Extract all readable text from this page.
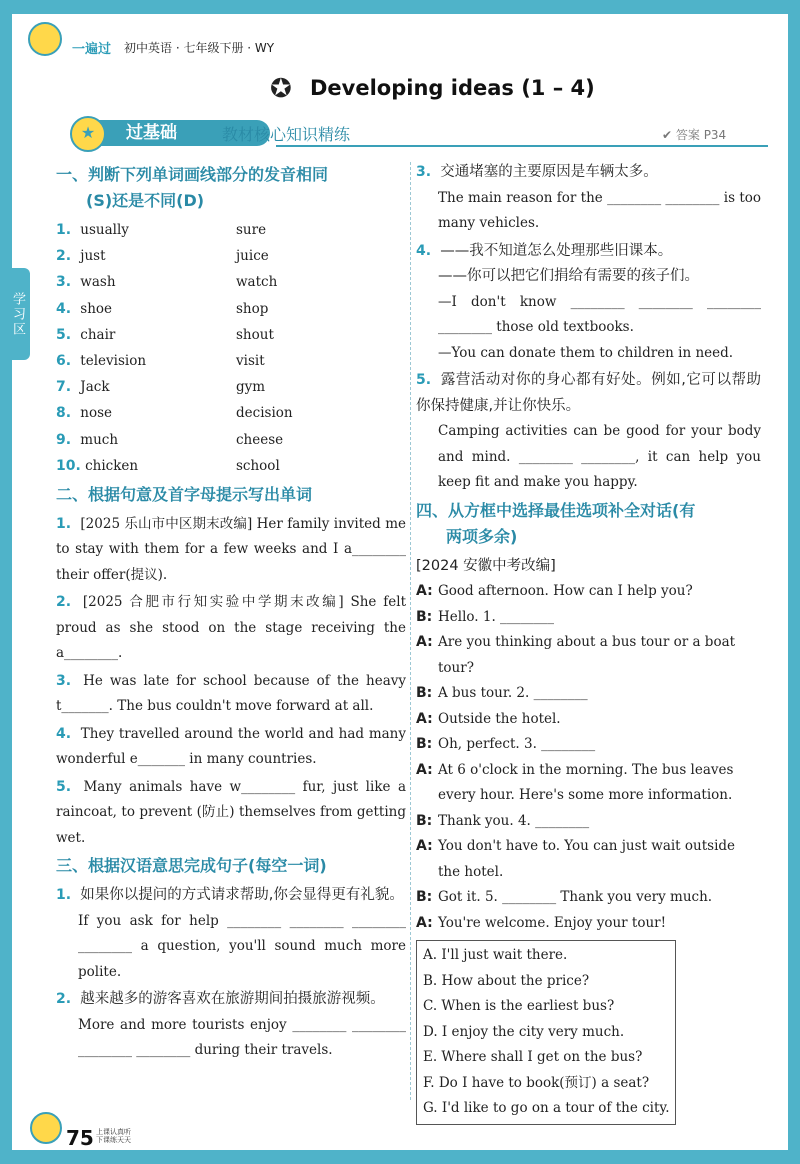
学习区
一遍过 初中英语 · 七年级下册 · WY
✪ Developing ideas (1 – 4)
过基础
★	教材核心知识精练	✔ 答案 P34
一、判断下列单词画线部分的发音相同
(S)还是不同(D)
1. usually	sure
2. just	juice
3. wash	watch
4. shoe	shop
5. chair	shout
6. television	visit
7. Jack	gym
8. nose	decision
9. much	cheese
10. chicken	school
二、根据句意及首字母提示写出单词
1. [2025 乐山市中区期末改编] Her family invited me to stay with them for a few weeks and I a________ their offer(提议).
2. [2025 合肥市行知实验中学期末改编] She felt proud as she stood on the stage receiving the a________.
3. He was late for school because of the heavy t_______. The bus couldn't move forward at all.
4. They travelled around the world and had many wonderful e_______ in many countries.
5. Many animals have w________ fur, just like a raincoat, to prevent (防止) themselves from getting wet.
三、根据汉语意思完成句子(每空一词)
1. 如果你以提问的方式请求帮助,你会显得更有礼貌。
If you ask for help ________ ________ ________ ________ a question, you'll sound much more polite.
2. 越来越多的游客喜欢在旅游期间拍摄旅游视频。
More and more tourists enjoy ________ ________ ________ ________ during their travels.
3. 交通堵塞的主要原因是车辆太多。
The main reason for the ________ ________ is too many vehicles.
4. ——我不知道怎么处理那些旧课本。
——你可以把它们捐给有需要的孩子们。
—I don't know ________ ________ ________ ________ those old textbooks.
—You can donate them to children in need.
5. 露营活动对你的身心都有好处。例如,它可以帮助你保持健康,并让你快乐。
Camping activities can be good for your body and mind. ________ ________, it can help you keep fit and make you happy.
四、从方框中选择最佳选项补全对话(有
两项多余)
[2024 安徽中考改编]
A: Good afternoon. How can I help you?
B: Hello. 1. ________
A: Are you thinking about a bus tour or a boat tour?
B: A bus tour. 2. ________
A: Outside the hotel.
B: Oh, perfect. 3. ________
A: At 6 o'clock in the morning. The bus leaves every hour. Here's some more information.
B: Thank you. 4. ________
A: You don't have to. You can just wait outside the hotel.
B: Got it. 5. ________ Thank you very much.
A: You're welcome. Enjoy your tour!
A. I'll just wait there.
B. How about the price?
C. When is the earliest bus?
D. I enjoy the city very much.
E. Where shall I get on the bus?
F. Do I have to book(预订) a seat?
G. I'd like to go on a tour of the city.
75 上课认真听
下课练天天
